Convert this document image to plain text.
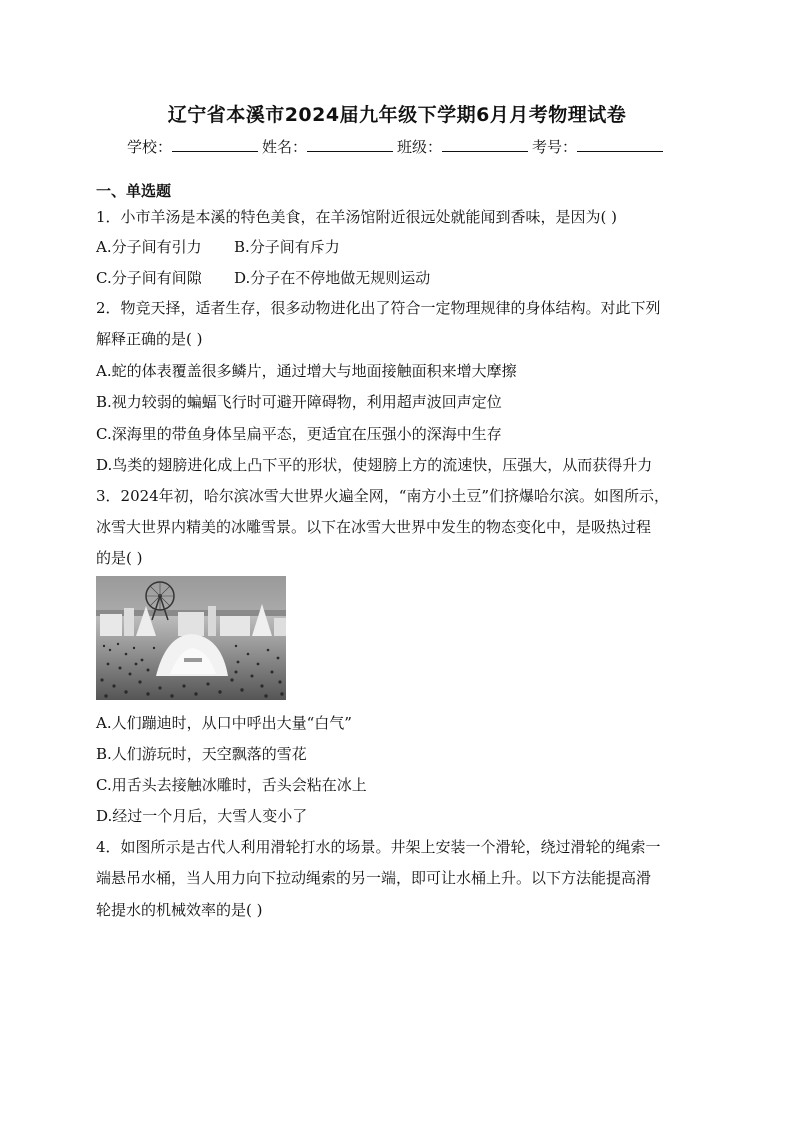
辽宁省本溪市2024届九年级下学期6月月考物理试卷
学校：	姓名：	班级：	考号：
一、单选题
1．小市羊汤是本溪的特色美食，在羊汤馆附近很远处就能闻到香味，是因为( )
A.分子间有引力 B.分子间有斥力
C.分子间有间隙 D.分子在不停地做无规则运动
2．物竞天择，适者生存，很多动物进化出了符合一定物理规律的身体结构。对此下列
解释正确的是( )
A.蛇的体表覆盖很多鳞片，通过增大与地面接触面积来增大摩擦
B.视力较弱的蝙蝠飞行时可避开障碍物，利用超声波回声定位
C.深海里的带鱼身体呈扁平态，更适宜在压强小的深海中生存
D.鸟类的翅膀进化成上凸下平的形状，使翅膀上方的流速快，压强大，从而获得升力
3．2024年初，哈尔滨冰雪大世界火遍全网，“南方小土豆”们挤爆哈尔滨。如图所示，
冰雪大世界内精美的冰雕雪景。以下在冰雪大世界中发生的物态变化中，是吸热过程
的是( )
A.人们蹦迪时，从口中呼出大量“白气”
B.人们游玩时，天空飘落的雪花
C.用舌头去接触冰雕时，舌头会粘在冰上
D.经过一个月后，大雪人变小了
4．如图所示是古代人利用滑轮打水的场景。井架上安装一个滑轮，绕过滑轮的绳索一
端悬吊水桶，当人用力向下拉动绳索的另一端，即可让水桶上升。以下方法能提高滑
轮提水的机械效率的是( )
